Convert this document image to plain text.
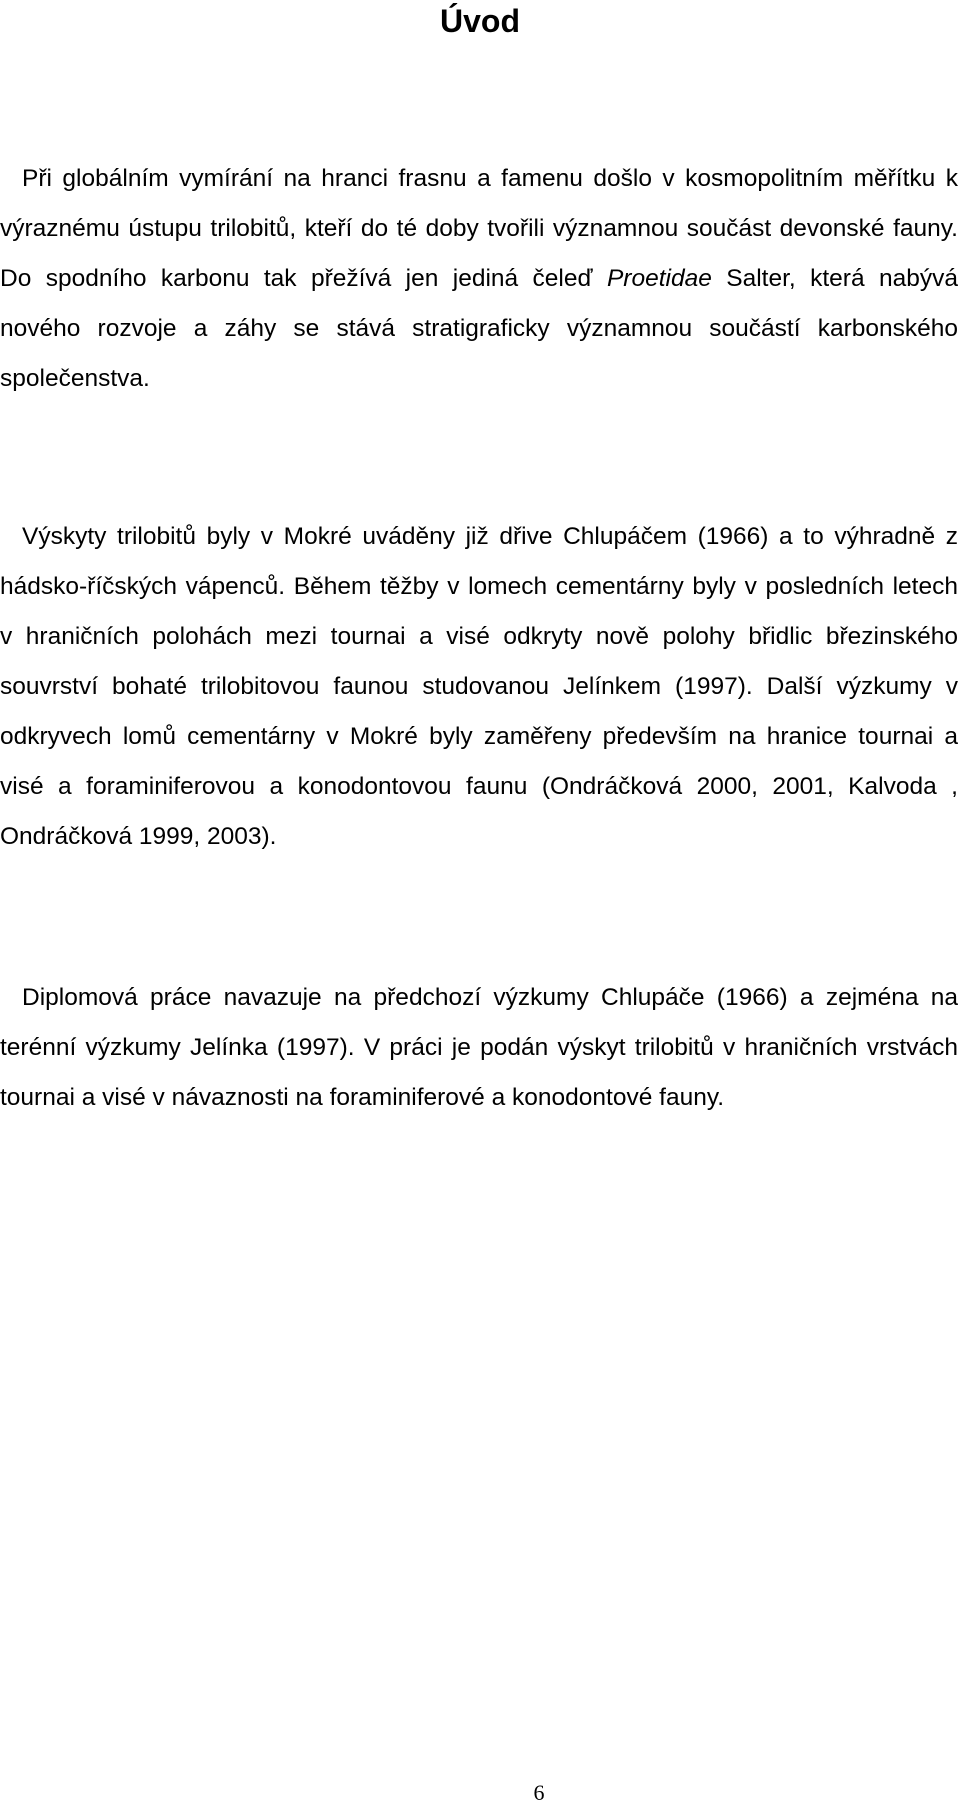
Úvod

Při globálním vymírání na hranci frasnu a famenu došlo v kosmopolitním měřítku k výraznému ústupu trilobitů, kteří do té doby tvořili významnou součást devonské fauny. Do spodního karbonu tak přežívá jen jediná čeleď Proetidae Salter, která nabývá nového rozvoje a záhy se stává stratigraficky významnou součástí karbonského společenstva.

Výskyty trilobitů byly v Mokré uváděny již dřive Chlupáčem (1966) a to výhradně z hádsko-říčských vápenců. Během těžby v lomech cementárny byly v posledních letech v hraničních polohách mezi tournai a visé odkryty nově polohy břidlic březinského souvrství bohaté trilobitovou faunou studovanou Jelínkem (1997). Další výzkumy v odkryvech lomů cementárny v Mokré byly zaměřeny především na hranice tournai a visé a foraminiferovou a konodontovou faunu (Ondráčková 2000, 2001, Kalvoda , Ondráčková 1999, 2003).

Diplomová práce navazuje na předchozí výzkumy Chlupáče (1966) a zejména na terénní výzkumy Jelínka (1997). V práci je podán výskyt trilobitů v hraničních vrstvách tournai a visé v návaznosti na foraminiferové a konodontové fauny.

6
